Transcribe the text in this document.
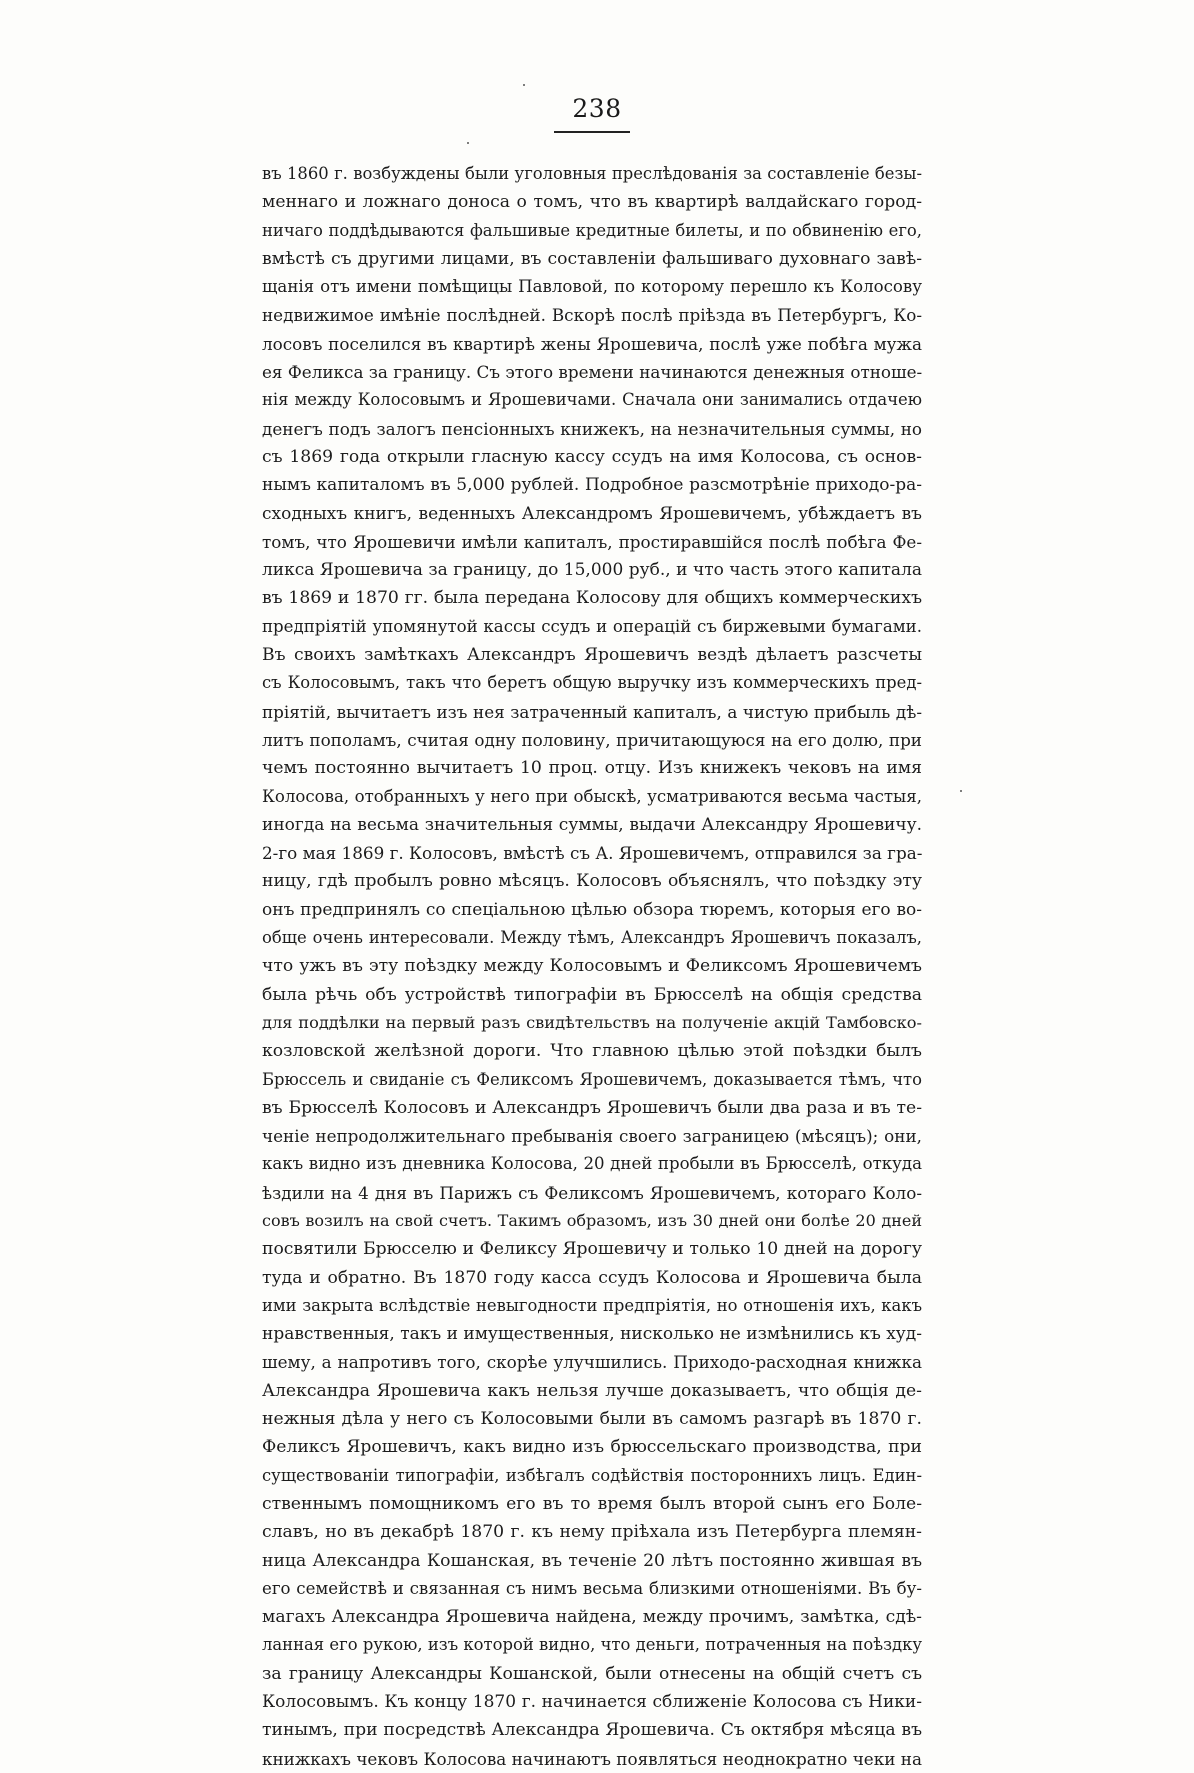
238
въ 1860 г. возбуждены были уголовныя преслѣдованія за составленіе безы-
меннаго и ложнаго доноса о томъ, что въ квартирѣ валдайскаго город-
ничаго поддѣдываются фальшивые кредитные билеты, и по обвиненію его,
вмѣстѣ съ другими лицами, въ составленіи фальшиваго духовнаго завѣ-
щанія отъ имени помѣщицы Павловой, по которому перешло къ Колосову
недвижимое имѣніе послѣдней. Вскорѣ послѣ пріѣзда въ Петербургъ, Ко-
лосовъ поселился въ квартирѣ жены Ярошевича, послѣ уже побѣга мужа
ея Феликса за границу. Съ этого времени начинаются денежныя отноше-
нія между Колосовымъ и Ярошевичами. Сначала они занимались отдачею
денегъ подъ залогъ пенсіонныхъ книжекъ, на незначительныя суммы, но
съ 1869 года открыли гласную кассу ссудъ на имя Колосова, съ основ-
нымъ капиталомъ въ 5,000 рублей. Подробное разсмотрѣніе приходо-ра-
сходныхъ книгъ, веденныхъ Александромъ Ярошевичемъ, убѣждаетъ въ
томъ, что Ярошевичи имѣли капиталъ, простиравшійся послѣ побѣга Фе-
ликса Ярошевича за границу, до 15,000 руб., и что часть этого капитала
въ 1869 и 1870 гг. была передана Колосову для общихъ коммерческихъ
предпріятій упомянутой кассы ссудъ и операцій съ биржевыми бумагами.
Въ своихъ замѣткахъ Александръ Ярошевичъ вездѣ дѣлаетъ разсчеты
съ Колосовымъ, такъ что беретъ общую выручку изъ коммерческихъ пред-
пріятій, вычитаетъ изъ нея затраченный капиталъ, а чистую прибыль дѣ-
литъ пополамъ, считая одну половину, причитающуюся на его долю, при
чемъ постоянно вычитаетъ 10 проц. отцу. Изъ книжекъ чековъ на имя
Колосова, отобранныхъ у него при обыскѣ, усматриваются весьма частыя,
иногда на весьма значительныя суммы, выдачи Александру Ярошевичу.
2-го мая 1869 г. Колосовъ, вмѣстѣ съ А. Ярошевичемъ, отправился за гра-
ницу, гдѣ пробылъ ровно мѣсяцъ. Колосовъ объяснялъ, что поѣздку эту
онъ предпринялъ со спеціальною цѣлью обзора тюремъ, которыя его во-
обще очень интересовали. Между тѣмъ, Александръ Ярошевичъ показалъ,
что ужъ въ эту поѣздку между Колосовымъ и Феликсомъ Ярошевичемъ
была рѣчь объ устройствѣ типографіи въ Брюсселѣ на общія средства
для поддѣлки на первый разъ свидѣтельствъ на полученіе акцій Тамбовско-
козловской желѣзной дороги. Что главною цѣлью этой поѣздки былъ
Брюссель и свиданіе съ Феликсомъ Ярошевичемъ, доказывается тѣмъ, что
въ Брюсселѣ Колосовъ и Александръ Ярошевичъ были два раза и въ те-
ченіе непродолжительнаго пребыванія своего заграницею (мѣсяцъ); они,
какъ видно изъ дневника Колосова, 20 дней пробыли въ Брюсселѣ, откуда
ѣздили на 4 дня въ Парижъ съ Феликсомъ Ярошевичемъ, котораго Коло-
совъ возилъ на свой счетъ. Такимъ образомъ, изъ 30 дней они болѣе 20 дней
посвятили Брюсселю и Феликсу Ярошевичу и только 10 дней на дорогу
туда и обратно. Въ 1870 году касса ссудъ Колосова и Ярошевича была
ими закрыта вслѣдствіе невыгодности предпріятія, но отношенія ихъ, какъ
нравственныя, такъ и имущественныя, нисколько не измѣнились къ худ-
шему, а напротивъ того, скорѣе улучшились. Приходо-расходная книжка
Александра Ярошевича какъ нельзя лучше доказываетъ, что общія де-
нежныя дѣла у него съ Колосовыми были въ самомъ разгарѣ въ 1870 г.
Феликсъ Ярошевичъ, какъ видно изъ брюссельскаго производства, при
существованіи типографіи, избѣгалъ содѣйствія постороннихъ лицъ. Един-
ственнымъ помощникомъ его въ то время былъ второй сынъ его Боле-
славъ, но въ декабрѣ 1870 г. къ нему пріѣхала изъ Петербурга племян-
ница Александра Кошанская, въ теченіе 20 лѣтъ постоянно жившая въ
его семействѣ и связанная съ нимъ весьма близкими отношеніями. Въ бу-
магахъ Александра Ярошевича найдена, между прочимъ, замѣтка, сдѣ-
ланная его рукою, изъ которой видно, что деньги, потраченныя на поѣздку
за границу Александры Кошанской, были отнесены на общій счетъ съ
Колосовымъ. Къ концу 1870 г. начинается сближеніе Колосова съ Ники-
тинымъ, при посредствѣ Александра Ярошевича. Съ октября мѣсяца въ
книжкахъ чековъ Колосова начинаютъ появляться неоднократно чеки на
